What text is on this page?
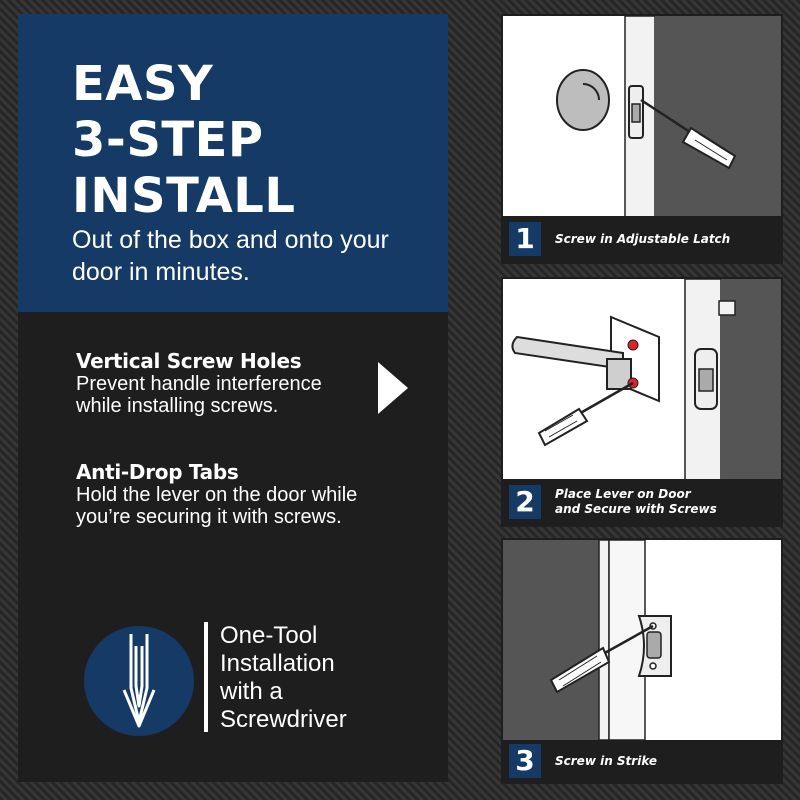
EASY
3-STEP
INSTALL
Out of the box and onto your door in minutes.
Vertical Screw Holes

Prevent handle interference while installing screws.

Anti-Drop Tabs

Hold the lever on the door while you’re securing it with screws.

One-Tool
Installation
with a
Screwdriver
1	Screw in Adjustable Latch
2	Place Lever on Door
and Secure with Screws
3	Screw in Strike
